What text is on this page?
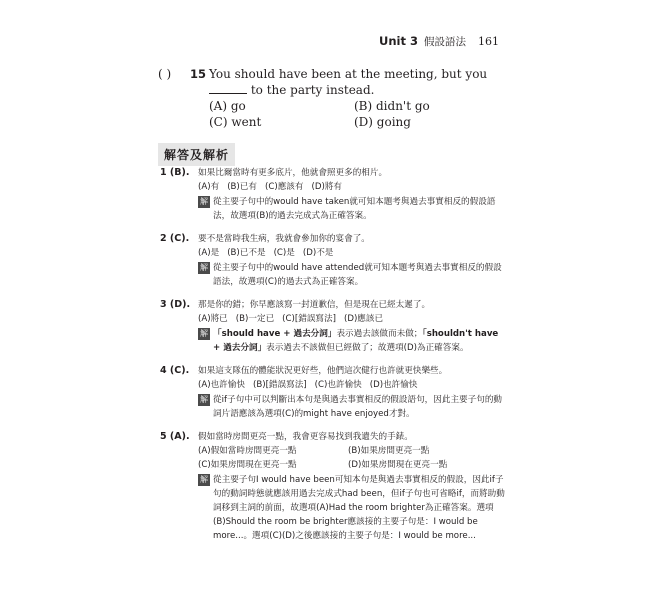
Unit 3 假設語法 161
( ) 15 You should have been at the meeting, but you  to the party instead.
(A) go	(B) didn't go
(C) went	(D) going
解答及解析
1 (B). 如果比爾當時有更多底片，他就會照更多的相片。
(A)有 (B)已有 (C)應該有 (D)將有
解 從主要子句中的would have taken就可知本題考與過去事實相反的假設語法，故選項(B)的過去完成式為正確答案。
2 (C).	要不是當時我生病，我就會參加你的宴會了。
(A)是 (B)已不是 (C)是 (D)不是
解 從主要子句中的would have attended就可知本題考與過去事實相反的假設語法，故選項(C)的過去式為正確答案。
3 (D). 那是你的錯；你早應該寫一封道歉信，但是現在已經太遲了。
(A)將已 (B)一定已 (C)[錯誤寫法] (D)應該已
解 「should have + 過去分詞」表示過去該做而未做；「shouldn't have + 過去分詞」表示過去不該做但已經做了；故選項(D)為正確答案。
4 (C).	如果這支隊伍的體能狀況更好些，他們這次健行也許就更快樂些。
(A)也許愉快 (B)[錯誤寫法] (C)也許愉快 (D)也許愉快
解 從if子句中可以判斷出本句是與過去事實相反的假設語句，因此主要子句的動詞片語應該為選項(C)的might have enjoyed才對。
5 (A). 假如當時房間更亮一點，我會更容易找到我遺失的手錶。
(A)假如當時房間更亮一點	(B)如果房間更亮一點
(C)如果房間現在更亮一點	(D)如果房間現在更亮一點
解 從主要子句I would have been可知本句是與過去事實相反的假設，因此if子句的動詞時態就應該用過去完成式had been，但if子句也可省略if，而將助動詞移到主詞的前面，故選項(A)Had the room brighter為正確答案。選項(B)Should the room be brighter應該接的主要子句是：I would be more...。選項(C)(D)之後應該接的主要子句是：I would be more...
